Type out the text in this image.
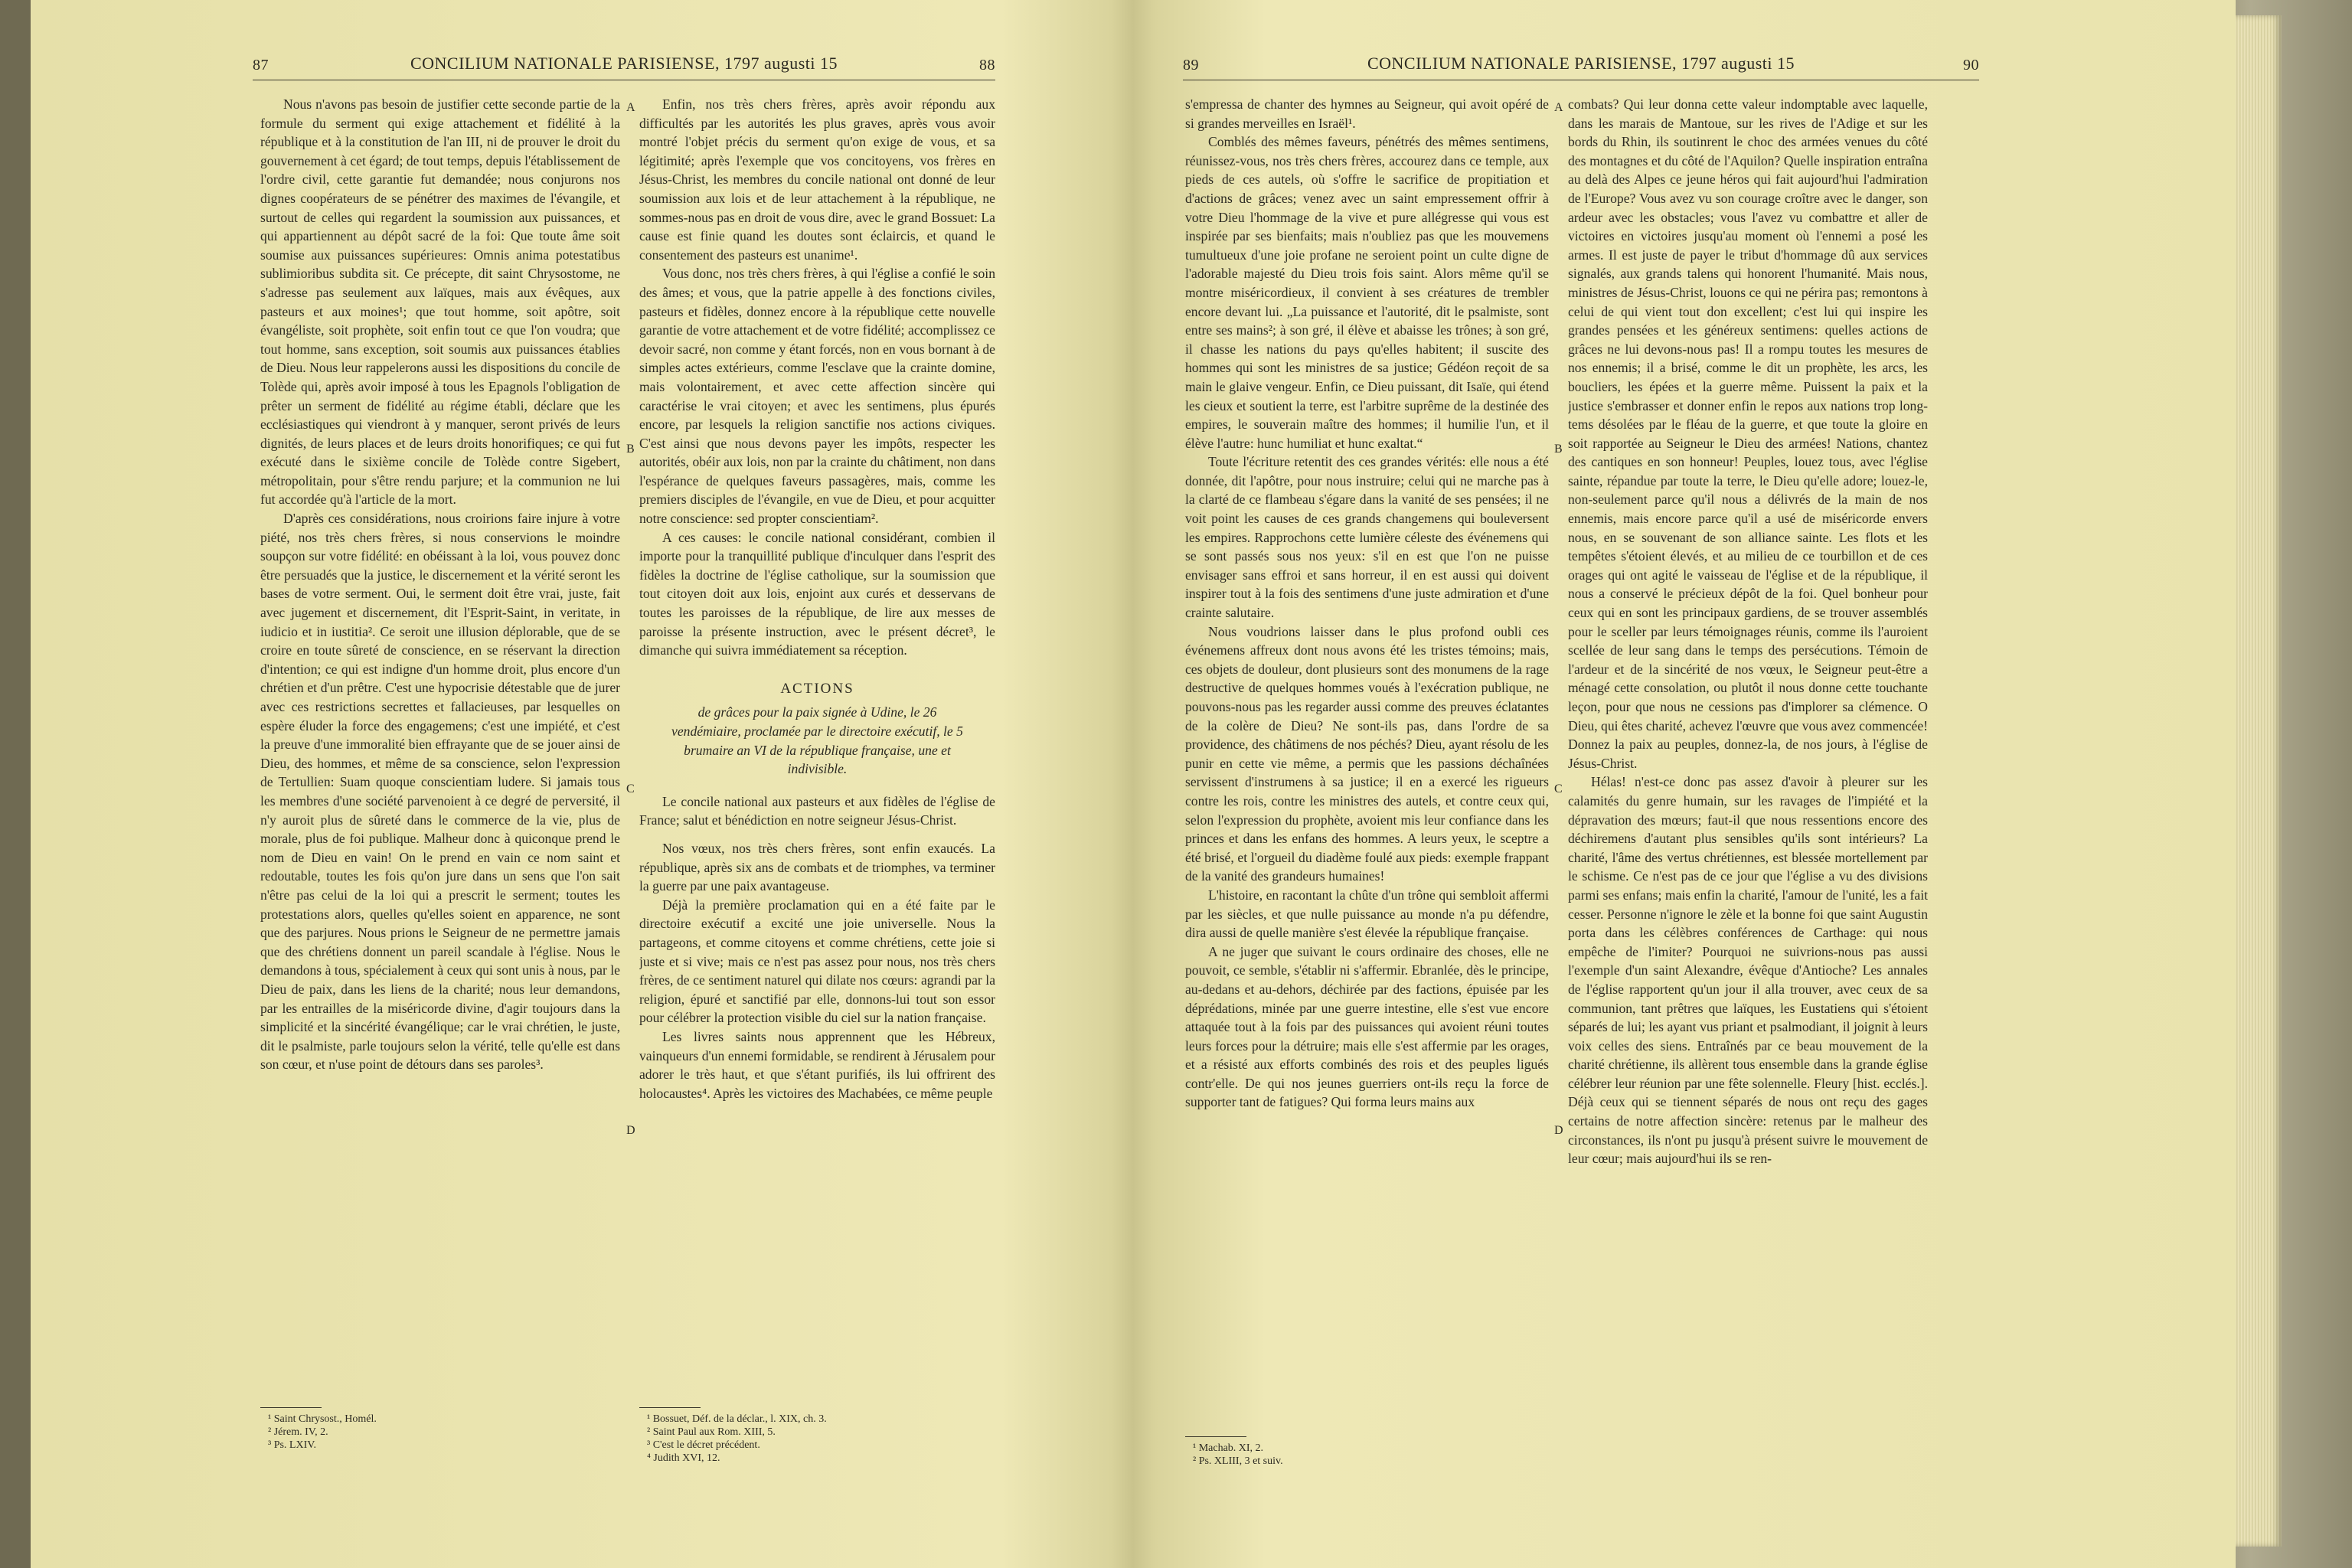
87	CONCILIUM NATIONALE PARISIENSE, 1797 augusti 15	88

Nous n'avons pas besoin de justifier cette seconde partie de la formule du serment qui exige attachement et fidélité à la république et à la constitution de l'an III, ni de prouver le droit du gouvernement à cet égard; de tout temps, depuis l'établissement de l'ordre civil, cette garantie fut demandée; nous conjurons nos dignes coopérateurs de se pénétrer des maximes de l'évangile, et surtout de celles qui regardent la soumission aux puissances, et qui appartiennent au dépôt sacré de la foi: Que toute âme soit soumise aux puissances supérieures: Omnis anima potestatibus sublimioribus subdita sit. Ce précepte, dit saint Chrysostome, ne s'adresse pas seulement aux laïques, mais aux évêques, aux pasteurs et aux moines¹; que tout homme, soit apôtre, soit évangéliste, soit prophète, soit enfin tout ce que l'on voudra; que tout homme, sans exception, soit soumis aux puissances établies de Dieu. Nous leur rappelerons aussi les dispositions du concile de Tolède qui, après avoir imposé à tous les Epagnols l'obligation de prêter un serment de fidélité au régime établi, déclare que les ecclésiastiques qui viendront à y manquer, seront privés de leurs dignités, de leurs places et de leurs droits honorifiques; ce qui fut exécuté dans le sixième concile de Tolède contre Sigebert, métropolitain, pour s'être rendu parjure; et la communion ne lui fut accordée qu'à l'article de la mort.

D'après ces considérations, nous croirions faire injure à votre piété, nos très chers frères, si nous conservions le moindre soupçon sur votre fidélité: en obéissant à la loi, vous pouvez donc être persuadés que la justice, le discernement et la vérité seront les bases de votre serment. Oui, le serment doit être vrai, juste, fait avec jugement et discernement, dit l'Esprit-Saint, in veritate, in iudicio et in iustitia². Ce seroit une illusion déplorable, que de se croire en toute sûreté de conscience, en se réservant la direction d'intention; ce qui est indigne d'un homme droit, plus encore d'un chrétien et d'un prêtre. C'est une hypocrisie détestable que de jurer avec ces restrictions secrettes et fallacieuses, par lesquelles on espère éluder la force des engagemens; c'est une impiété, et c'est la preuve d'une immoralité bien effrayante que de se jouer ainsi de Dieu, des hommes, et même de sa conscience, selon l'expression de Tertullien: Suam quoque conscientiam ludere. Si jamais tous les membres d'une société parvenoient à ce degré de perversité, il n'y auroit plus de sûreté dans le commerce de la vie, plus de morale, plus de foi publique. Malheur donc à quiconque prend le nom de Dieu en vain! On le prend en vain ce nom saint et redoutable, toutes les fois qu'on jure dans un sens que l'on sait n'être pas celui de la loi qui a prescrit le serment; toutes les protestations alors, quelles qu'elles soient en apparence, ne sont que des parjures. Nous prions le Seigneur de ne permettre jamais que des chrétiens donnent un pareil scandale à l'église. Nous le demandons à tous, spécialement à ceux qui sont unis à nous, par le Dieu de paix, dans les liens de la charité; nous leur demandons, par les entrailles de la miséricorde divine, d'agir toujours dans la simplicité et la sincérité évangélique; car le vrai chrétien, le juste, dit le psalmiste, parle toujours selon la vérité, telle qu'elle est dans son cœur, et n'use point de détours dans ses paroles³.

A
B
C
D

Enfin, nos très chers frères, après avoir répondu aux difficultés par les autorités les plus graves, après vous avoir montré l'objet précis du serment qu'on exige de vous, et sa légitimité; après l'exemple que vos concitoyens, vos frères en Jésus-Christ, les membres du concile national ont donné de leur soumission aux lois et de leur attachement à la république, ne sommes-nous pas en droit de vous dire, avec le grand Bossuet: La cause est finie quand les doutes sont éclaircis, et quand le consentement des pasteurs est unanime¹.

Vous donc, nos très chers frères, à qui l'église a confié le soin des âmes; et vous, que la patrie appelle à des fonctions civiles, pasteurs et fidèles, donnez encore à la république cette nouvelle garantie de votre attachement et de votre fidélité; accomplissez ce devoir sacré, non comme y étant forcés, non en vous bornant à de simples actes extérieurs, comme l'esclave que la crainte domine, mais volontairement, et avec cette affection sincère qui caractérise le vrai citoyen; et avec les sentimens, plus épurés encore, par lesquels la religion sanctifie nos actions civiques. C'est ainsi que nous devons payer les impôts, respecter les autorités, obéir aux lois, non par la crainte du châtiment, non dans l'espérance de quelques faveurs passagères, mais, comme les premiers disciples de l'évangile, en vue de Dieu, et pour acquitter notre conscience: sed propter conscientiam².

A ces causes: le concile national considérant, combien il importe pour la tranquillité publique d'inculquer dans l'esprit des fidèles la doctrine de l'église catholique, sur la soumission que tout citoyen doit aux lois, enjoint aux curés et desservans de toutes les paroisses de la république, de lire aux messes de paroisse la présente instruction, avec le présent décret³, le dimanche qui suivra immédiatement sa réception.

ACTIONS

de grâces pour la paix signée à Udine, le 26 vendémiaire, proclamée par le directoire exécutif, le 5 brumaire an VI de la république française, une et indivisible.

Le concile national aux pasteurs et aux fidèles de l'église de France; salut et bénédiction en notre seigneur Jésus-Christ.

Nos vœux, nos très chers frères, sont enfin exaucés. La république, après six ans de combats et de triomphes, va terminer la guerre par une paix avantageuse.

Déjà la première proclamation qui en a été faite par le directoire exécutif a excité une joie universelle. Nous la partageons, et comme citoyens et comme chrétiens, cette joie si juste et si vive; mais ce n'est pas assez pour nous, nos très chers frères, de ce sentiment naturel qui dilate nos cœurs: agrandi par la religion, épuré et sanctifié par elle, donnons-lui tout son essor pour célébrer la protection visible du ciel sur la nation française.

Les livres saints nous apprennent que les Hébreux, vainqueurs d'un ennemi formidable, se rendirent à Jérusalem pour adorer le très haut, et que s'étant purifiés, ils lui offrirent des holocaustes⁴. Après les victoires des Machabées, ce même peuple

¹ Saint Chrysost., Homél.
² Jérem. IV, 2.
³ Ps. LXIV.
¹ Bossuet, Déf. de la déclar., l. XIX, ch. 3.
² Saint Paul aux Rom. XIII, 5.
³ C'est le décret précédent.
⁴ Judith XVI, 12.
89	CONCILIUM NATIONALE PARISIENSE, 1797 augusti 15	90

s'empressa de chanter des hymnes au Seigneur, qui avoit opéré de si grandes merveilles en Israël¹.

Comblés des mêmes faveurs, pénétrés des mêmes sentimens, réunissez-vous, nos très chers frères, accourez dans ce temple, aux pieds de ces autels, où s'offre le sacrifice de propitiation et d'actions de grâces; venez avec un saint empressement offrir à votre Dieu l'hommage de la vive et pure allégresse qui vous est inspirée par ses bienfaits; mais n'oubliez pas que les mouvemens tumultueux d'une joie profane ne seroient point un culte digne de l'adorable majesté du Dieu trois fois saint. Alors même qu'il se montre miséricordieux, il convient à ses créatures de trembler encore devant lui. „La puissance et l'autorité, dit le psalmiste, sont entre ses mains²; à son gré, il élève et abaisse les trônes; à son gré, il chasse les nations du pays qu'elles habitent; il suscite des hommes qui sont les ministres de sa justice; Gédéon reçoit de sa main le glaive vengeur. Enfin, ce Dieu puissant, dit Isaïe, qui étend les cieux et soutient la terre, est l'arbitre suprême de la destinée des empires, le souverain maître des hommes; il humilie l'un, et il élève l'autre: hunc humiliat et hunc exaltat.“

Toute l'écriture retentit des ces grandes vérités: elle nous a été donnée, dit l'apôtre, pour nous instruire; celui qui ne marche pas à la clarté de ce flambeau s'égare dans la vanité de ses pensées; il ne voit point les causes de ces grands changemens qui bouleversent les empires. Rapprochons cette lumière céleste des événemens qui se sont passés sous nos yeux: s'il en est que l'on ne puisse envisager sans effroi et sans horreur, il en est aussi qui doivent inspirer tout à la fois des sentimens d'une juste admiration et d'une crainte salutaire.

Nous voudrions laisser dans le plus profond oubli ces événemens affreux dont nous avons été les tristes témoins; mais, ces objets de douleur, dont plusieurs sont des monumens de la rage destructive de quelques hommes voués à l'exécration publique, ne pouvons-nous pas les regarder aussi comme des preuves éclatantes de la colère de Dieu? Ne sont-ils pas, dans l'ordre de sa providence, des châtimens de nos péchés? Dieu, ayant résolu de les punir en cette vie même, a permis que les passions déchaînées servissent d'instrumens à sa justice; il en a exercé les rigueurs contre les rois, contre les ministres des autels, et contre ceux qui, selon l'expression du prophète, avoient mis leur confiance dans les princes et dans les enfans des hommes. A leurs yeux, le sceptre a été brisé, et l'orgueil du diadème foulé aux pieds: exemple frappant de la vanité des grandeurs humaines!

L'histoire, en racontant la chûte d'un trône qui sembloit affermi par les siècles, et que nulle puissance au monde n'a pu défendre, dira aussi de quelle manière s'est élevée la république française.

A ne juger que suivant le cours ordinaire des choses, elle ne pouvoit, ce semble, s'établir ni s'affermir. Ebranlée, dès le principe, au-dedans et au-dehors, déchirée par des factions, épuisée par les déprédations, minée par une guerre intestine, elle s'est vue encore attaquée tout à la fois par des puissances qui avoient réuni toutes leurs forces pour la détruire; mais elle s'est affermie par les orages, et a résisté aux efforts combinés des rois et des peuples ligués contr'elle. De qui nos jeunes guerriers ont-ils reçu la force de supporter tant de fatigues? Qui forma leurs mains aux

A
B
C
D

combats? Qui leur donna cette valeur indomptable avec laquelle, dans les marais de Mantoue, sur les rives de l'Adige et sur les bords du Rhin, ils soutinrent le choc des armées venues du côté des montagnes et du côté de l'Aquilon? Quelle inspiration entraîna au delà des Alpes ce jeune héros qui fait aujourd'hui l'admiration de l'Europe? Vous avez vu son courage croître avec le danger, son ardeur avec les obstacles; vous l'avez vu combattre et aller de victoires en victoires jusqu'au moment où l'ennemi a posé les armes. Il est juste de payer le tribut d'hommage dû aux services signalés, aux grands talens qui honorent l'humanité. Mais nous, ministres de Jésus-Christ, louons ce qui ne périra pas; remontons à celui de qui vient tout don excellent; c'est lui qui inspire les grandes pensées et les généreux sentimens: quelles actions de grâces ne lui devons-nous pas! Il a rompu toutes les mesures de nos ennemis; il a brisé, comme le dit un prophète, les arcs, les boucliers, les épées et la guerre même. Puissent la paix et la justice s'embrasser et donner enfin le repos aux nations trop long-tems désolées par le fléau de la guerre, et que toute la gloire en soit rapportée au Seigneur le Dieu des armées! Nations, chantez des cantiques en son honneur! Peuples, louez tous, avec l'église sainte, répandue par toute la terre, le Dieu qu'elle adore; louez-le, non-seulement parce qu'il nous a délivrés de la main de nos ennemis, mais encore parce qu'il a usé de miséricorde envers nous, en se souvenant de son alliance sainte. Les flots et les tempêtes s'étoient élevés, et au milieu de ce tourbillon et de ces orages qui ont agité le vaisseau de l'église et de la république, il nous a conservé le précieux dépôt de la foi. Quel bonheur pour ceux qui en sont les principaux gardiens, de se trouver assemblés pour le sceller par leurs témoignages réunis, comme ils l'auroient scellée de leur sang dans le temps des persécutions. Témoin de l'ardeur et de la sincérité de nos vœux, le Seigneur peut-être a ménagé cette consolation, ou plutôt il nous donne cette touchante leçon, pour que nous ne cessions pas d'implorer sa clémence. O Dieu, qui êtes charité, achevez l'œuvre que vous avez commencée! Donnez la paix au peuples, donnez-la, de nos jours, à l'église de Jésus-Christ.

Hélas! n'est-ce donc pas assez d'avoir à pleurer sur les calamités du genre humain, sur les ravages de l'impiété et la dépravation des mœurs; faut-il que nous ressentions encore des déchiremens d'autant plus sensibles qu'ils sont intérieurs? La charité, l'âme des vertus chrétiennes, est blessée mortellement par le schisme. Ce n'est pas de ce jour que l'église a vu des divisions parmi ses enfans; mais enfin la charité, l'amour de l'unité, les a fait cesser. Personne n'ignore le zèle et la bonne foi que saint Augustin porta dans les célèbres conférences de Carthage: qui nous empêche de l'imiter? Pourquoi ne suivrions-nous pas aussi l'exemple d'un saint Alexandre, évêque d'Antioche? Les annales de l'église rapportent qu'un jour il alla trouver, avec ceux de sa communion, tant prêtres que laïques, les Eustatiens qui s'étoient séparés de lui; les ayant vus priant et psalmodiant, il joignit à leurs voix celles des siens. Entraînés par ce beau mouvement de la charité chrétienne, ils allèrent tous ensemble dans la grande église célébrer leur réunion par une fête solennelle. Fleury [hist. ecclés.]. Déjà ceux qui se tiennent séparés de nous ont reçu des gages certains de notre affection sincère: retenus par le malheur des circonstances, ils n'ont pu jusqu'à présent suivre le mouvement de leur cœur; mais aujourd'hui ils se ren-

¹ Machab. XI, 2.
² Ps. XLIII, 3 et suiv.
